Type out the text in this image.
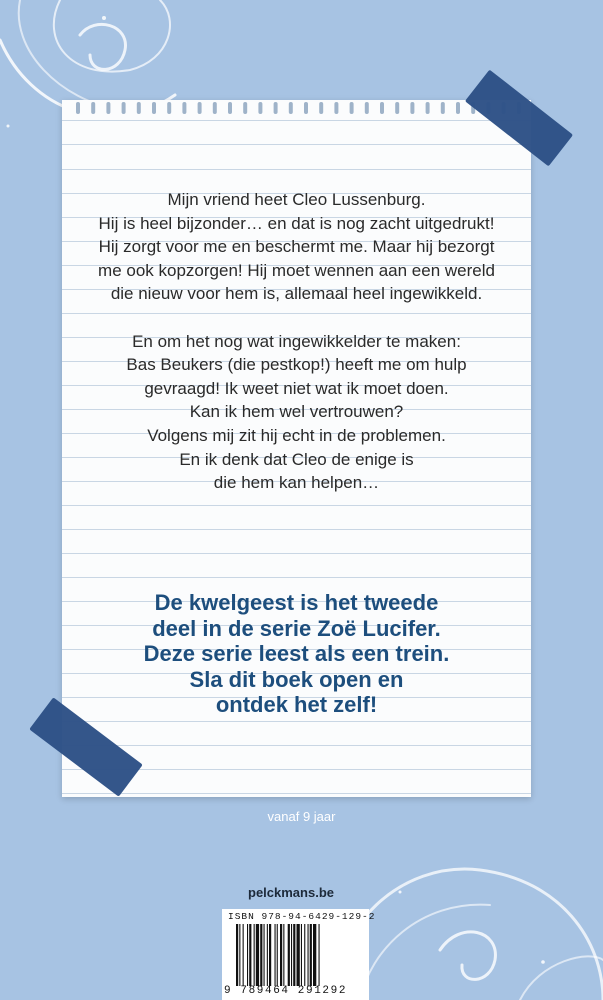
Mijn vriend heet Cleo Lussenburg.
Hij is heel bijzonder… en dat is nog zacht uitgedrukt!
Hij zorgt voor me en beschermt me. Maar hij bezorgt
me ook kopzorgen! Hij moet wennen aan een wereld
die nieuw voor hem is, allemaal heel ingewikkeld.

En om het nog wat ingewikkelder te maken:
Bas Beukers (die pestkop!) heeft me om hulp
gevraagd! Ik weet niet wat ik moet doen.
Kan ik hem wel vertrouwen?
Volgens mij zit hij echt in de problemen.
En ik denk dat Cleo de enige is
die hem kan helpen…

De kwelgeest is het tweede
deel in de serie Zoë Lucifer.
Deze serie leest als een trein.
Sla dit boek open en
ontdek het zelf!
vanaf 9 jaar
pelckmans.be
ISBN 978-94-6429-129-2
9 789464 291292
